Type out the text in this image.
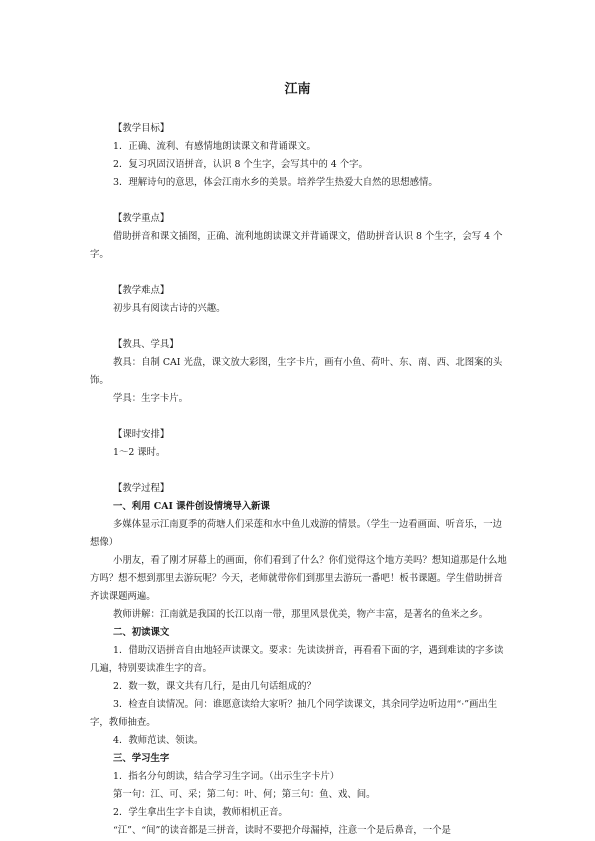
江南

【教学目标】

1．正确、流利、有感情地朗读课文和背诵课文。

2．复习巩固汉语拼音，认识 8 个生字，会写其中的 4 个字。

3．理解诗句的意思，体会江南水乡的美景。培养学生热爱大自然的思想感情。

【教学重点】

借助拼音和课文插图，正确、流利地朗读课文并背诵课文，借助拼音认识 8 个生字，会写 4 个字。

【教学难点】

初步具有阅读古诗的兴趣。

【教具、学具】

教具：自制 CAI 光盘，课文放大彩图，生字卡片，画有小鱼、荷叶、东、南、西、北图案的头饰。

学具：生字卡片。

【课时安排】

1～2 课时。

【教学过程】

一、利用 CAI 课件创设情境导入新课

多媒体显示江南夏季的荷塘人们采莲和水中鱼儿戏游的情景。（学生一边看画面、听音乐，一边想像）

小朋友，看了刚才屏幕上的画面，你们看到了什么？你们觉得这个地方美吗？想知道那是什么地方吗？想不想到那里去游玩呢？今天，老师就带你们到那里去游玩一番吧！板书课题。学生借助拼音齐读课题两遍。

教师讲解：江南就是我国的长江以南一带，那里风景优美，物产丰富，是著名的鱼米之乡。

二、初读课文

1．借助汉语拼音自由地轻声读课文。要求：先读读拼音，再看看下面的字，遇到难读的字多读几遍，特别要读准生字的音。

2．数一数，课文共有几行，是由几句话组成的？

3．检查自读情况。问：谁愿意读给大家听？抽几个同学读课文，其余同学边听边用“·”画出生字，教师抽查。

4．教师范读、领读。

三、学习生字

1．指名分句朗读，结合学习生字词。（出示生字卡片）

第一句：江、可、采；第二句：叶、何；第三句：鱼、戏、间。

2．学生拿出生字卡自读，教师相机正音。

“江”、“间”的读音都是三拼音，读时不要把介母漏掉，注意一个是后鼻音，一个是
